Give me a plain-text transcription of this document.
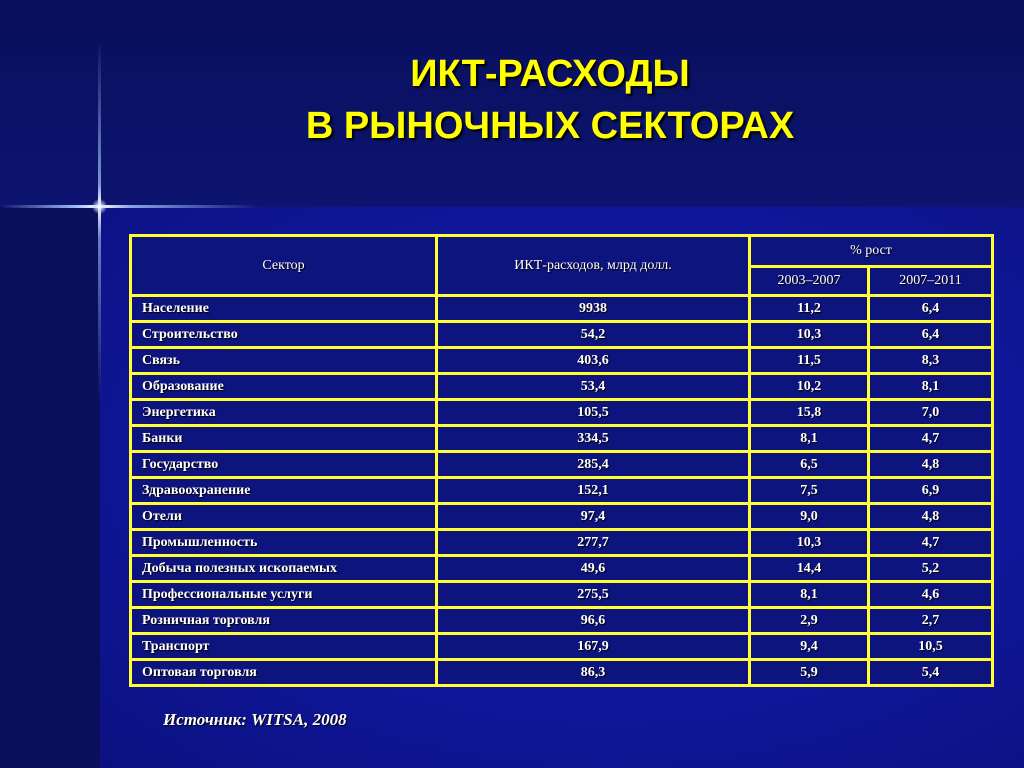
ИКТ-РАСХОДЫ
В РЫНОЧНЫХ СЕКТОРАХ
Сектор	ИКТ-расходов, млрд долл.	% рост	
		2003–2007	2007–2011
Население	9938	11,2	6,4
Строительство	54,2	10,3	6,4
Связь	403,6	11,5	8,3
Образование	53,4	10,2	8,1
Энергетика	105,5	15,8	7,0
Банки	334,5	8,1	4,7
Государство	285,4	6,5	4,8
Здравоохранение	152,1	7,5	6,9
Отели	97,4	9,0	4,8
Промышленность	277,7	10,3	4,7
Добыча полезных ископаемых	49,6	14,4	5,2
Профессиональные услуги	275,5	8,1	4,6
Розничная торговля	96,6	2,9	2,7
Транспорт	167,9	9,4	10,5
Оптовая торговля	86,3	5,9	5,4
Источник: WITSA, 2008
